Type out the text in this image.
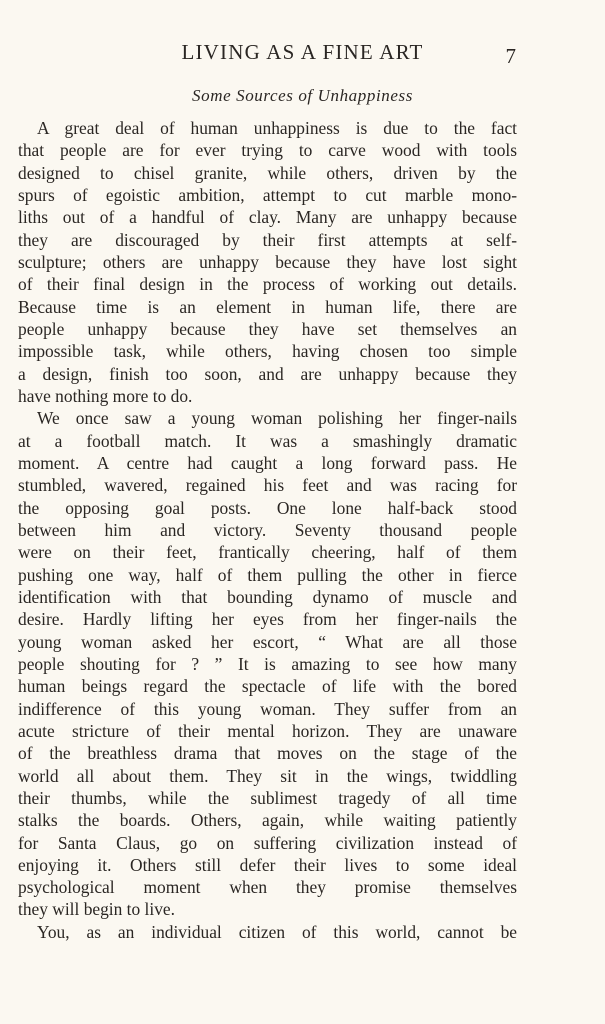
LIVING AS A FINE ART	7
Some Sources of Unhappiness
A great deal of human unhappiness is due to the fact
that people are for ever trying to carve wood with tools
designed to chisel granite, while others, driven by the
spurs of egoistic ambition, attempt to cut marble mono-
liths out of a handful of clay. Many are unhappy because
they are discouraged by their first attempts at self-
sculpture; others are unhappy because they have lost sight
of their final design in the process of working out details.
Because time is an element in human life, there are
people unhappy because they have set themselves an
impossible task, while others, having chosen too simple
a design, finish too soon, and are unhappy because they
have nothing more to do.
We once saw a young woman polishing her finger-nails
at a football match. It was a smashingly dramatic
moment. A centre had caught a long forward pass. He
stumbled, wavered, regained his feet and was racing for
the opposing goal posts. One lone half-back stood
between him and victory. Seventy thousand people
were on their feet, frantically cheering, half of them
pushing one way, half of them pulling the other in fierce
identification with that bounding dynamo of muscle and
desire. Hardly lifting her eyes from her finger-nails the
young woman asked her escort, “ What are all those
people shouting for ? ” It is amazing to see how many
human beings regard the spectacle of life with the bored
indifference of this young woman. They suffer from an
acute stricture of their mental horizon. They are unaware
of the breathless drama that moves on the stage of the
world all about them. They sit in the wings, twiddling
their thumbs, while the sublimest tragedy of all time
stalks the boards. Others, again, while waiting patiently
for Santa Claus, go on suffering civilization instead of
enjoying it. Others still defer their lives to some ideal
psychological moment when they promise themselves
they will begin to live.
You, as an individual citizen of this world, cannot be
